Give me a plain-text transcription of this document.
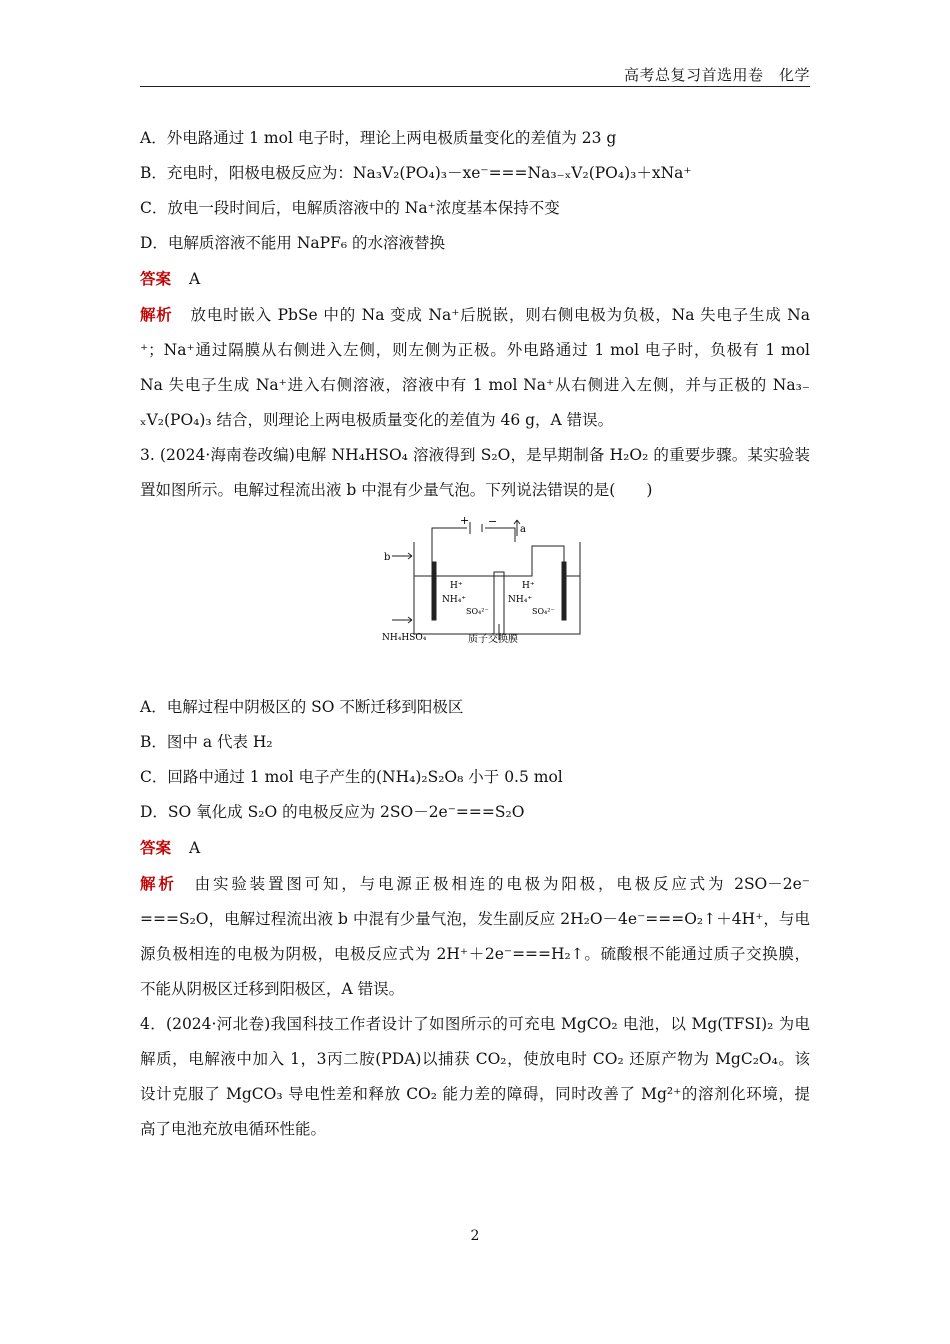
高考总复习首选用卷　化学
A．外电路通过 1 mol 电子时，理论上两电极质量变化的差值为 23 g
B．充电时，阳极电极反应为：Na₃V₂(PO₄)₃－xe⁻===Na₃₋ₓV₂(PO₄)₃＋xNa⁺
C．放电一段时间后，电解质溶液中的 Na⁺浓度基本保持不变
D．电解质溶液不能用 NaPF₆ 的水溶液替换
答案 A
解析 放电时嵌入 PbSe 中的 Na 变成 Na⁺后脱嵌，则右侧电极为负极，Na 失电子生成 Na
⁺；Na⁺通过隔膜从右侧进入左侧，则左侧为正极。外电路通过 1 mol 电子时，负极有 1 mol
Na 失电子生成 Na⁺进入右侧溶液，溶液中有 1 mol Na⁺从右侧进入左侧，并与正极的 Na₃₋
ₓV₂(PO₄)₃ 结合，则理论上两电极质量变化的差值为 46 g，A 错误。
3. (2024·海南卷改编)电解 NH₄HSO₄ 溶液得到 S₂O，是早期制备 H₂O₂ 的重要步骤。某实验装
置如图所示。电解过程流出液 b 中混有少量气泡。下列说法错误的是(　　)
+ −
a
b
H⁺
NH₄⁺
SO₄²⁻
H⁺
NH₄⁺
SO₄²⁻
NH₄HSO₄	质子交换膜
A．电解过程中阴极区的 SO 不断迁移到阳极区
B．图中 a 代表 H₂
C．回路中通过 1 mol 电子产生的(NH₄)₂S₂O₈ 小于 0.5 mol
D．SO 氧化成 S₂O 的电极反应为 2SO－2e⁻===S₂O
答案 A
解析 由实验装置图可知，与电源正极相连的电极为阳极，电极反应式为 2SO－2e⁻
===S₂O，电解过程流出液 b 中混有少量气泡，发生副反应 2H₂O－4e⁻===O₂↑＋4H⁺，与电
源负极相连的电极为阴极，电极反应式为 2H⁺＋2e⁻===H₂↑。硫酸根不能通过质子交换膜，
不能从阴极区迁移到阳极区，A 错误。
4．(2024·河北卷)我国科技工作者设计了如图所示的可充电 MgCO₂ 电池，以 Mg(TFSI)₂ 为电
解质，电解液中加入 1，3丙二胺(PDA)以捕获 CO₂，使放电时 CO₂ 还原产物为 MgC₂O₄。该
设计克服了 MgCO₃ 导电性差和释放 CO₂ 能力差的障碍，同时改善了 Mg²⁺的溶剂化环境，提
高了电池充放电循环性能。
2
